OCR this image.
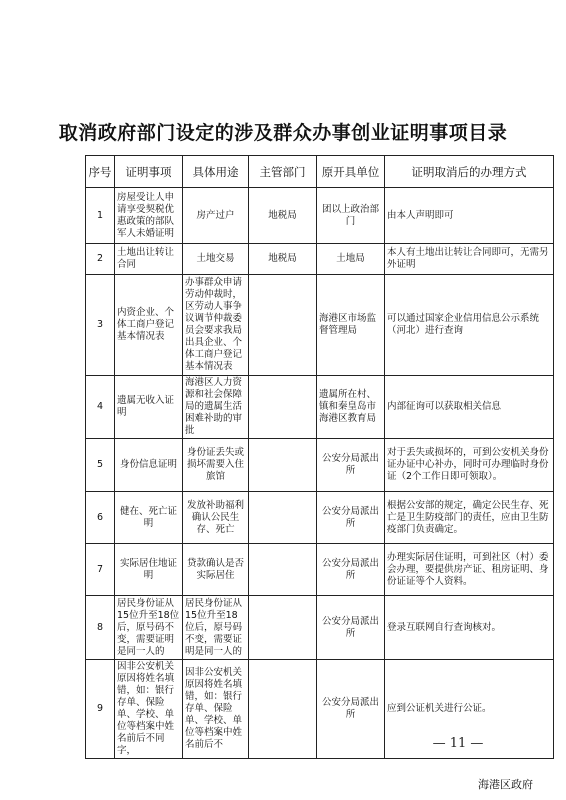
取消政府部门设定的涉及群众办事创业证明事项目录
序号	证明事项	具体用途	主管部门	原开具单位	证明取消后的办理方式
1	房屋受让人申请享受契税优惠政策的部队军人未婚证明	房产过户	地税局	团以上政治部门	由本人声明即可
2	土地出让转让合同	土地交易	地税局	土地局	本人有土地出让转让合同即可，无需另外证明
3	内资企业、个体工商户登记基本情况表	办事群众申请劳动仲裁时，区劳动人事争议调节仲裁委员会要求我局出具企业、个体工商户登记基本情况表		海港区市场监督管理局	可以通过国家企业信用信息公示系统（河北）进行查询
4	遗属无收入证明	海港区人力资源和社会保障局的遗属生活困难补助的审批		遗属所在村、镇和秦皇岛市海港区教育局	内部征询可以获取相关信息
5	身份信息证明	身份证丢失或损坏需要入住旅馆		公安分局派出所	对于丢失或损坏的，可到公安机关身份证办证中心补办，同时可办理临时身份证（2个工作日即可领取）。
6	健在、死亡证明	发放补助福利确认公民生存、死亡		公安分局派出所	根据公安部的规定，确定公民生存、死亡是卫生防疫部门的责任，应由卫生防疫部门负责确定。
7	实际居住地证明	贷款确认是否实际居住		公安分局派出所	办理实际居住证明，可到社区（村）委会办理，要提供房产证、租房证明、身份证证等个人资料。
8	居民身份证从15位升至18位后，原号码不变，需要证明是同一人的	居民身份证从15位升至18位后，原号码不变，需要证明是同一人的		公安分局派出所	登录互联网自行查询核对。
9	因非公安机关原因将姓名填错，如：银行存单、保险单、学校、单位等档案中姓名前后不同字，	因非公安机关原因将姓名填错，如：银行存单、保险单、学校、单位等档案中姓名前后不		公安分局派出所	应到公证机关进行公证。
— 11 —
海港区政府
